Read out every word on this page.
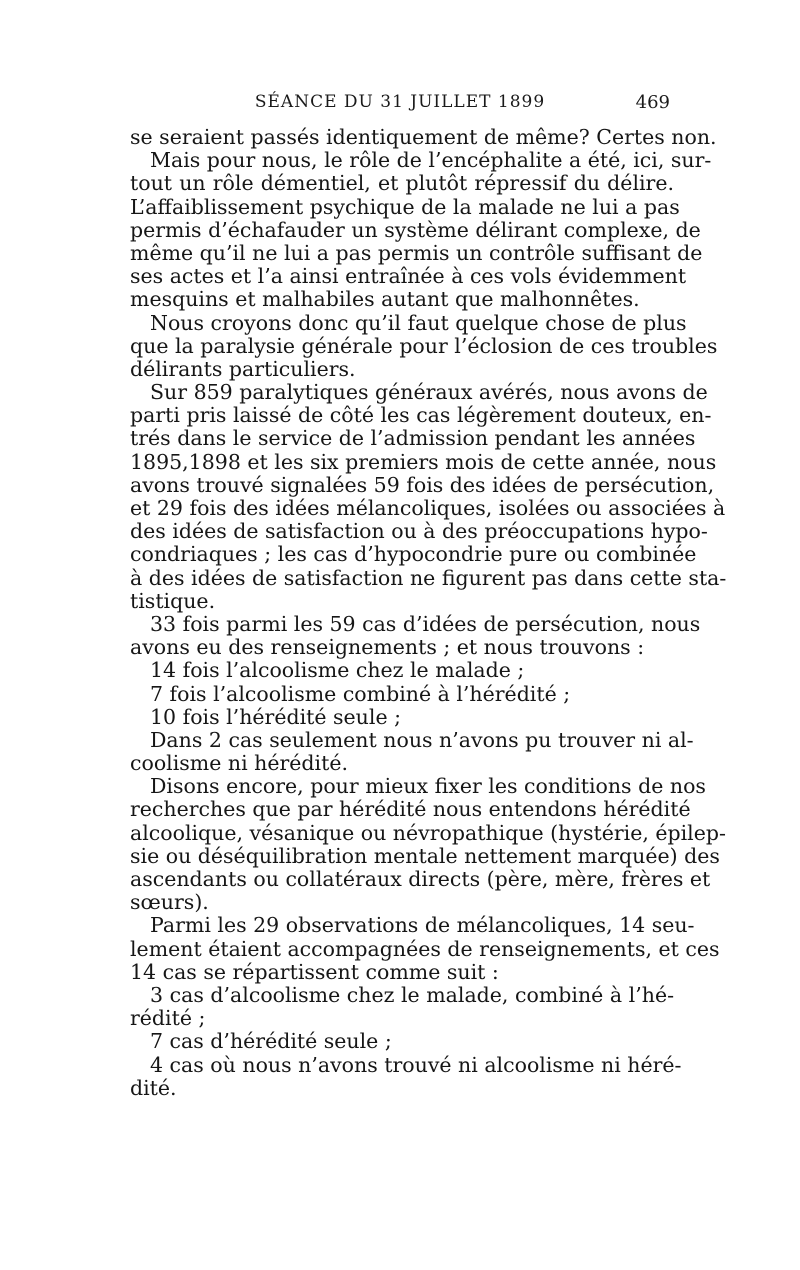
SÉANCE DU 31 JUILLET 1899	469
se seraient passés identiquement de même? Certes non.
Mais pour nous, le rôle de l’encéphalite a été, ici, sur-
tout un rôle démentiel, et plutôt répressif du délire.
L’affaiblissement psychique de la malade ne lui a pas
permis d’échafauder un système délirant complexe, de
même qu’il ne lui a pas permis un contrôle suffisant de
ses actes et l’a ainsi entraînée à ces vols évidemment
mesquins et malhabiles autant que malhonnêtes.
Nous croyons donc qu’il faut quelque chose de plus
que la paralysie générale pour l’éclosion de ces troubles
délirants particuliers.
Sur 859 paralytiques généraux avérés, nous avons de
parti pris laissé de côté les cas légèrement douteux, en-
trés dans le service de l’admission pendant les années
1895,1898 et les six premiers mois de cette année, nous
avons trouvé signalées 59 fois des idées de persécution,
et 29 fois des idées mélancoliques, isolées ou associées à
des idées de satisfaction ou à des préoccupations hypo-
condriaques ; les cas d’hypocondrie pure ou combinée
à des idées de satisfaction ne figurent pas dans cette sta-
tistique.
33 fois parmi les 59 cas d’idées de persécution, nous
avons eu des renseignements ; et nous trouvons :
14 fois l’alcoolisme chez le malade ;
7 fois l’alcoolisme combiné à l’hérédité ;
10 fois l’hérédité seule ;
Dans 2 cas seulement nous n’avons pu trouver ni al-
coolisme ni hérédité.
Disons encore, pour mieux fixer les conditions de nos
recherches que par hérédité nous entendons hérédité
alcoolique, vésanique ou névropathique (hystérie, épilep-
sie ou déséquilibration mentale nettement marquée) des
ascendants ou collatéraux directs (père, mère, frères et
sœurs).
Parmi les 29 observations de mélancoliques, 14 seu-
lement étaient accompagnées de renseignements, et ces
14 cas se répartissent comme suit :
3 cas d’alcoolisme chez le malade, combiné à l’hé-
rédité ;
7 cas d’hérédité seule ;
4 cas où nous n’avons trouvé ni alcoolisme ni héré-
dité.
